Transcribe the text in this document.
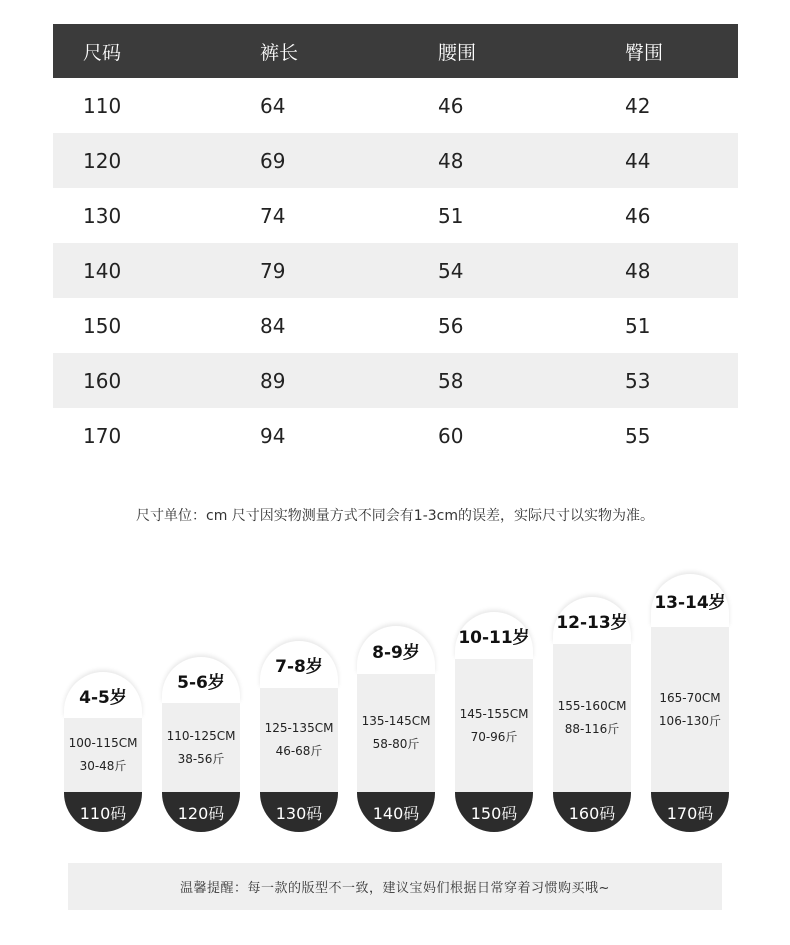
尺码	裤长	腰围	臀围
110	64	46	42
120	69	48	44
130	74	51	46
140	79	54	48
150	84	56	51
160	89	58	53
170	94	60	55
尺寸单位：cm 尺寸因实物测量方式不同会有1-3cm的误差，实际尺寸以实物为准。
4-5岁
100-115CM
30-48斤
110码
5-6岁
110-125CM
38-56斤
120码
7-8岁
125-135CM
46-68斤
130码
8-9岁
135-145CM
58-80斤
140码
10-11岁
145-155CM
70-96斤
150码
12-13岁
155-160CM
88-116斤
160码
13-14岁
165-70CM
106-130斤
170码
温馨提醒：每一款的版型不一致，建议宝妈们根据日常穿着习惯购买哦~
